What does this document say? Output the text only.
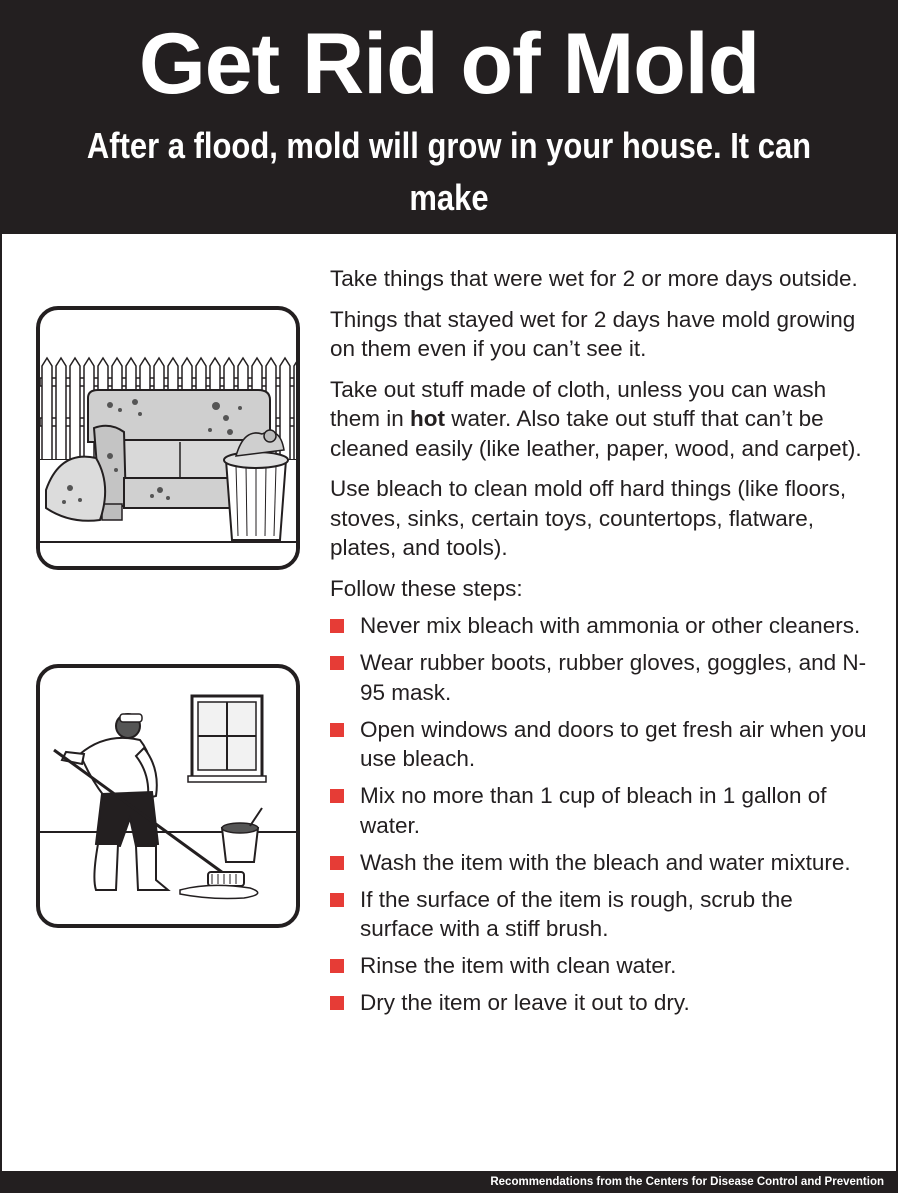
Get Rid of Mold
After a flood, mold will grow in your house. It can make
you sick. You will need to clean your house.

Take things that were wet for 2 or more days outside.

Things that stayed wet for 2 days have mold growing on them even if you can’t see it.

Take out stuff made of cloth, unless you can wash them in hot water. Also take out stuff that can’t be cleaned easily (like leather, paper, wood, and carpet).

Use bleach to clean mold off hard things (like floors, stoves, sinks, certain toys, countertops, flatware, plates, and tools).

Follow these steps:

Never mix bleach with ammonia or other cleaners.
Wear rubber boots, rubber gloves, goggles, and N-95 mask.
Open windows and doors to get fresh air when you use bleach.
Mix no more than 1 cup of bleach in 1 gallon of water.
Wash the item with the bleach and water mixture.
If the surface of the item is rough, scrub the surface with a stiff brush.
Rinse the item with clean water.
Dry the item or leave it out to dry.
Recommendations from the Centers for Disease Control and Prevention
